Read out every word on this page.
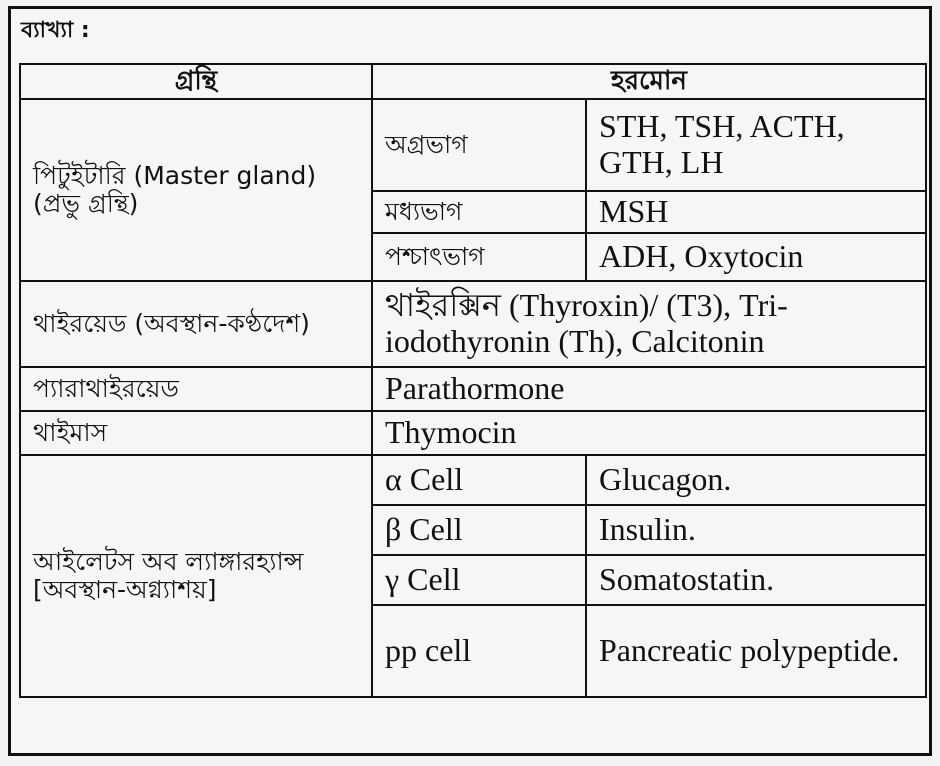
ব্যাখ্যা :
গ্রন্থি	হরমোন	
পিটুইটারি (Master gland) (প্রভু গ্রন্থি)	অগ্রভাগ	STH, TSH, ACTH, GTH, LH
	মধ্যভাগ	MSH
	পশ্চাৎভাগ	ADH, Oxytocin
থাইরয়েড (অবস্থান-কণ্ঠদেশ)	থাইরক্সিন (Thyroxin)/ (T3), Tri-iodothyronin (Th), Calcitonin	
প্যারাথাইরয়েড	Parathormone	
থাইমাস	Thymocin	
আইলেটস অব ল্যাঙ্গারহ্যান্স [অবস্থান-অগ্ন্যাশয়]	α Cell	Glucagon.
	β Cell	Insulin.
	γ Cell	Somatostatin.
	pp cell	Pancreatic polypeptide.
